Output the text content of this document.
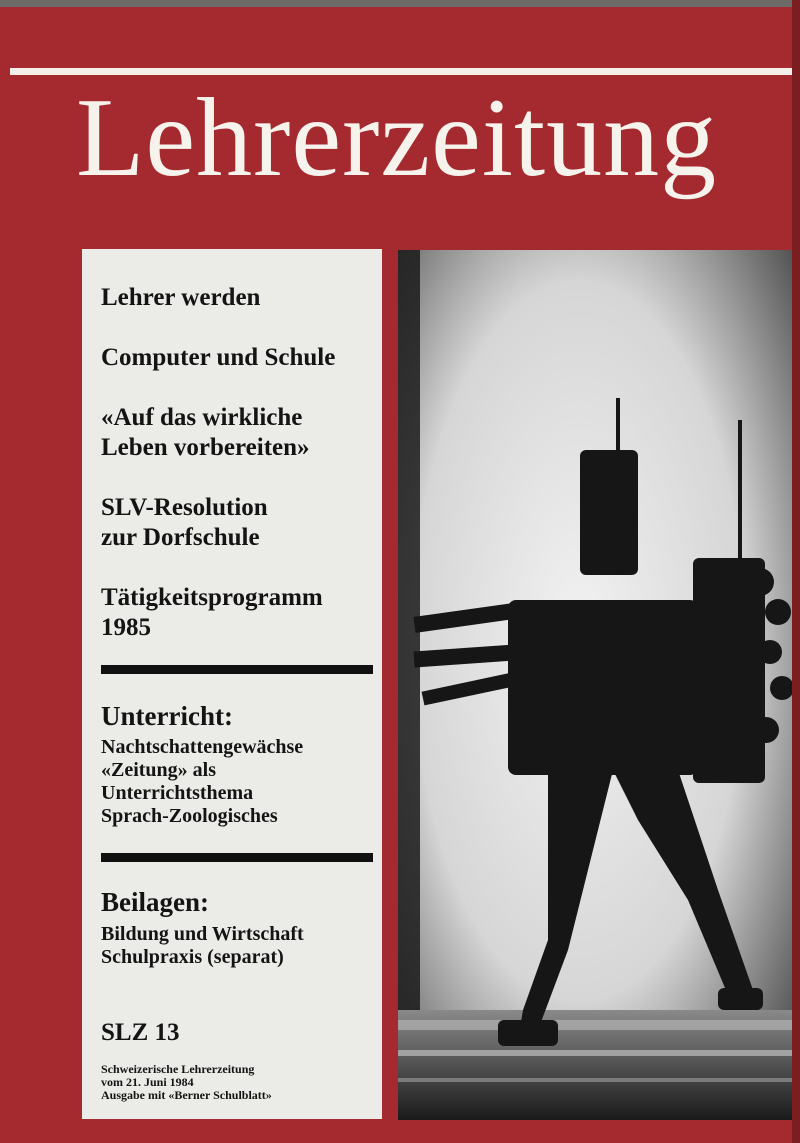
Lehrerzeitung
Lehrer werden
Computer und Schule
«Auf das wirkliche
Leben vorbereiten»
SLV-Resolution
zur Dorfschule
Tätigkeitsprogramm
1985
Unterricht:
Nachtschattengewächse
«Zeitung» als
Unterrichtsthema
Sprach-Zoologisches
Beilagen:
Bildung und Wirtschaft
Schulpraxis (separat)
SLZ 13
Schweizerische Lehrerzeitung
vom 21. Juni 1984
Ausgabe mit «Berner Schulblatt»
